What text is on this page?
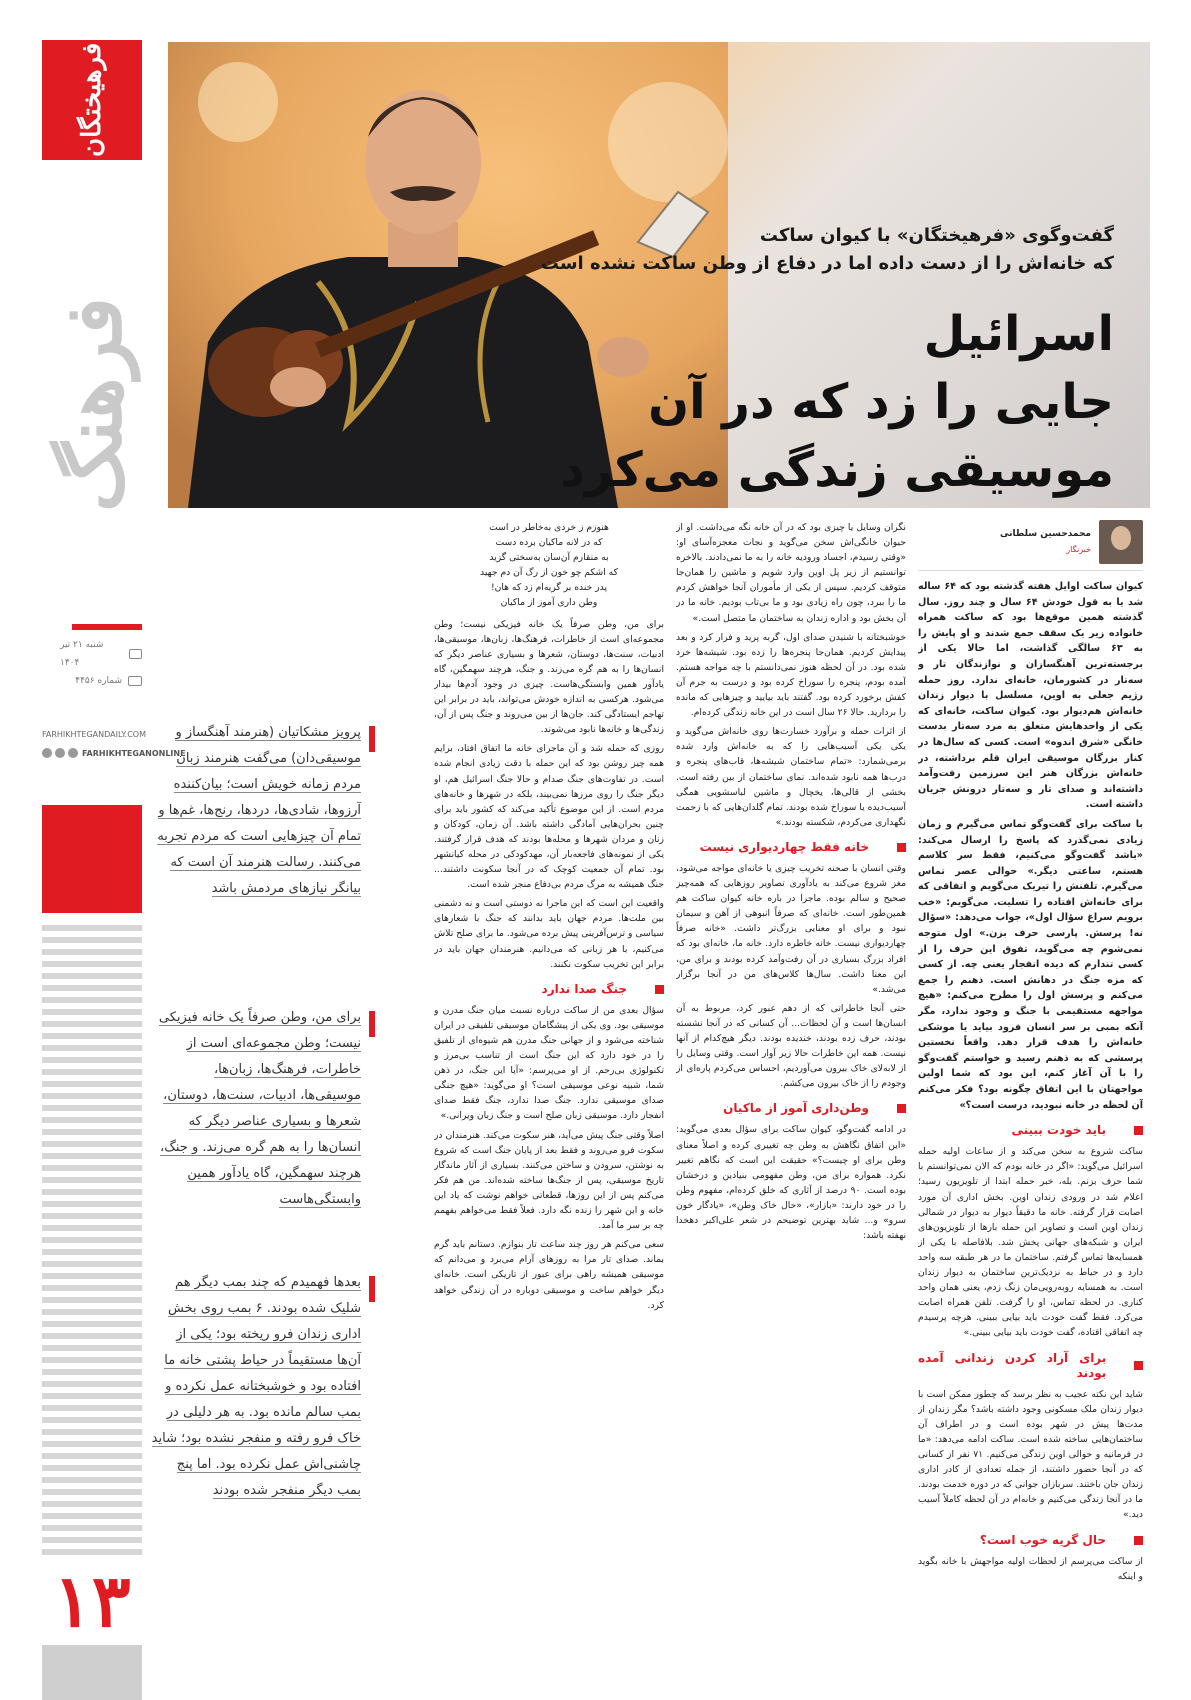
فرهیختگان
فرهنگ
شنبه ۲۱ تیر ۱۴۰۴
شماره ۴۴۵۶
FARHIKHTEGANDAILY.COM
FARHIKHTEGANONLINE
۱۳
گفت‌وگوی «فرهیختگان» با کیوان ساکت
که خانه‌اش را از دست داده اما در دفاع از وطن ساکت نشده است
اسرائیل
جایی را زد که در آن
موسیقی زندگی می‌کرد
محمدحسین سلطانی
خبرنگار

کیوان ساکت اوایل هفته گذشته بود که ۶۴ ساله شد یا به قول خودش ۶۴ سال و چند روز. سال گذشته همین موقع‌ها بود که ساکت همراه خانواده زیر یک سقف جمع شدند و او پایش را به ۶۳ سالگی گذاشت، اما حالا یکی از برجسته‌ترین آهنگسازان و نوازندگان تار و سه‌تار در کشورمان، خانه‌ای ندارد. روز حمله رژیم جعلی به اوین، مسلسل با دیوار زندان خانه‌اش هم‌دیوار بود. کیوان ساکت، خانه‌ای که یکی از واحدهایش متعلق به مرد سه‌تار بدست خانگی «شرق اندوه» است. کسی که سال‌ها در کنار بزرگان موسیقی ایران قلم برداشته، در خانه‌اش بزرگان هنر این سرزمین رفت‌وآمد داشته‌اند و صدای تار و سه‌تار درونش جریان داشته است.

با ساکت برای گفت‌وگو تماس می‌گیرم و زمان زیادی نمی‌گذرد که پاسخ را ارسال می‌کند: «باشد گفت‌وگو می‌کنیم، فقط سر کلاسم هستم، ساعتی دیگر.» حوالی عصر تماس می‌گیرم. تلفنش را تیریک می‌گویم و اتفاقی که برای خانه‌اش افتاده را تسلیت. می‌گویم: «خب برویم سراغ سؤال اول»، جواب می‌دهد: «سؤال نه! پرسش. پارسی حرف بزن.» اول متوجه نمی‌شوم چه می‌گوید، تفوق این حرف را از کسی تندارم که دیده انفجار یعنی چه. از کسی که مزه جنگ در دهانش است. ذهنم را جمع می‌کنم و پرسش اول را مطرح می‌کنم: «هیچ مواجهه مستقیمی با جنگ و وجود ندارد، مگر آنکه بمبی بر سر انسان فرود بیاید یا موشکی خانه‌اش را هدف قرار دهد. واقعاً نخستین پرسشی که به ذهنم رسید و خواستم گفت‌وگو را با آن آغاز کنم، این بود که شما اولین مواجهتان با این اتفاق چگونه بود؟ فکر می‌کنم آن لحظه در خانه نبودید، درست است؟»

باید خودت ببینی

ساکت شروع به سخن می‌کند و از ساعات اولیه حمله اسرائیل می‌گوید: «اگر در خانه بودم که الان نمی‌توانستم با شما حرف بزنم. بله، خبر حمله ابتدا از تلویزیون رسید؛ اعلام شد در ورودی زندان اوین. بخش اداری آن مورد اصابت قرار گرفته. خانه ما دقیقاً دیوار به دیوار در شمالی زندان اوین است و تصاویر این حمله بارها از تلویزیون‌های ایران و شبکه‌های جهانی پخش شد. بلافاصله با یکی از همسایه‌ها تماس گرفتم. ساختمان ما در هر طبقه سه واحد دارد و در حیاط به نزدیک‌ترین ساختمان به دیوار زندان است. به همسایه روبه‌رویی‌مان زنگ زدم، یعنی همان واحد کناری. در لحظه تماس، او را گرفت. تلفن همراه اصابت می‌کرد. فقط گفت خودت باید بیایی ببینی. هرچه پرسیدم چه اتفاقی افتاده، گفت خودت باید بیایی ببینی.»

برای آزاد کردن زندانی آمده بودند

شاید این نکته عجیب به نظر برسد که چطور ممکن است با دیوار زندان ملک مسکونی وجود داشته باشد؟ مگر زندان از مدت‌ها پیش در شهر بوده است و در اطراف آن ساختمان‌هایی ساخته شده است. ساکت ادامه می‌دهد: «ما در فرمانیه و حوالی اوین زندگی می‌کنیم. ۷۱ نفر از کسانی که در آنجا حضور داشتند، از جمله تعدادی از کادر اداری زندان جان باختند. سربازان جوانی که در دوره خدمت بودند. ما در آنجا زندگی می‌کنیم و خانه‌ام در آن لحظه کاملاً آسیب دید.»

حال گریه خوب است؟

از ساکت می‌پرسم از لحظات اولیه مواجهش با خانه بگوید و اینکه

نگران وسایل یا چیزی بود که در آن خانه نگه می‌داشت. او از حیوان خانگی‌اش سخن می‌گوید و نجات معجزه‌آسای او: «وقتی رسیدم، اجساد ورودیه خانه را به ما نمی‌دادند. بالاخره توانستیم از زیر پل اوین وارد شویم و ماشین را همان‌جا متوقف کردیم. سپس از یکی از مأموران آنجا خواهش کردم ما را ببرد، چون راه زیادی بود و ما بی‌تاب بودیم. خانه ما در آن بخش بود و اداره زندان به ساختمان ما متصل است.»

خوشبختانه با شنیدن صدای اول، گربه پرید و فرار کرد و بعد پیدایش کردیم. همان‌جا پنجره‌ها را زده بود. شیشه‌ها خرد شده بود. در آن لحظه هنوز نمی‌دانستم با چه مواجه هستم. آمده بودم، پنجره را سوراخ کرده بود و درست به جرم آن کفش برخورد کرده بود. گفتند باید بیایید و چیزهایی که مانده را بردارید. حالا ۲۶ سال است در این خانه زندگی کرده‌ام.

از اثرات حمله و برآورد خسارت‌ها روی خانه‌اش می‌گوید و یکی یکی آسیب‌هایی را که به خانه‌اش وارد شده برمی‌شمارد: «تمام ساختمان شیشه‌ها، قاب‌های پنجره و درب‌ها همه نابود شده‌اند. نمای ساختمان از بین رفته است. بخشی از قالی‌ها، یخچال و ماشین لباسشویی همگی آسیب‌دیده یا سوراخ شده بودند. تمام گلدان‌هایی که با زحمت نگهداری می‌کردم، شکسته بودند.»

خانه فقط چهاردیواری نیست

وقتی انسان با صحنه تخریب چیزی یا خانه‌ای مواجه می‌شود، مغز شروع می‌کند به یادآوری تصاویر روزهایی که همه‌چیز صحیح و سالم بوده. ماجرا در باره خانه کیوان ساکت هم همین‌طور است. خانه‌ای که صرفاً انبوهی از آهن و سیمان نبود و برای او معنایی بزرگ‌تر داشت. «خانه صرفاً چهاردیواری نیست. خانه خاطره دارد. خانه ما، خانه‌ای بود که افراد بزرگ بسیاری در آن رفت‌وآمد کرده بودند و برای من، این معنا داشت. سال‌ها کلاس‌های من در آنجا برگزار می‌شد.»

حتی آنجا خاطراتی که از دهم عبور کرد، مربوط به آن انسان‌ها است و آن لحظات... آن کسانی که در آنجا نشسته بودند، حرف زده بودند، خندیده بودند. دیگر هیچ‌کدام از آنها نیست. همه این خاطرات حالا زیر آوار است. وقتی وسایل را از لابه‌لای خاک بیرون می‌آوردیم، احساس می‌کردم پاره‌ای از وجودم را از خاک بیرون می‌کشم.

وطن‌داری آموز از ماکیان

در ادامه گفت‌وگو، کیوان ساکت برای سؤال بعدی می‌گوید: «این اتفاق نگاهش به وطن چه تغییری کرده و اصلاً معنای وطن برای او چیست؟» حقیقت این است که نگاهم تغییر نکرد. همواره برای من، وطن مفهومی بنیادین و درخشان بوده است. ۹۰ درصد از آثاری که خلق کرده‌ام، مفهوم وطن را در خود دارند: «بازار»، «حال خاک وطن»، «یادگار خون سرو» و... شاید بهترین توضیحم در شعر علی‌اکبر دهخدا نهفته باشد:

هنوزم ز خردی به‌خاطر در است
که در لانه ماکیان برده دست
به منقارم آن‌سان به‌سختی گزید
که اشکم چو خون از رگ آن دم جهید
پدر خنده بر گریه‌ام زد که هان!
وطن داری آموز از ماکیان

برای من، وطن صرفاً یک خانه فیزیکی نیست؛ وطن مجموعه‌ای است از خاطرات، فرهنگ‌ها، زبان‌ها، موسیقی‌ها، ادبیات، سنت‌ها، دوستان، شعرها و بسیاری عناصر دیگر که انسان‌ها را به هم گره می‌زند. و جنگ، هرچند سهمگین، گاه یادآور همین وابستگی‌هاست. چیزی در وجود آدم‌ها بیدار می‌شود. هرکسی به اندازه خودش می‌تواند، باید در برابر این تهاجم ایستادگی کند. جان‌ها از بین می‌روند و جنگ پس از آن، زندگی‌ها و خانه‌ها نابود می‌شوند.

روزی که حمله شد و آن ماجرای خانه ما اتفاق افتاد، برایم همه چیز روشن بود که این حمله با دقت زیادی انجام شده است. در تفاوت‌های جنگ صدام و حالا جنگ اسرائیل هم، او دیگر جنگ را روی مرزها نمی‌بیند، بلکه در شهرها و خانه‌های مردم است. از این موضوع تأکید می‌کند که کشور باید برای چنین بحران‌هایی آمادگی داشته باشد. آن زمان، کودکان و زنان و مردان شهرها و محله‌ها بودند که هدف قرار گرفتند. یکی از نمونه‌های فاجعه‌بار آن، مهدکودکی در محله کیانشهر بود. تمام آن جمعیت کوچک که در آنجا سکونت داشتند... جنگ همیشه به مرگ مردم بی‌دفاع منجر شده است.

واقعیت این است که این ماجرا نه دوستی است و نه دشمنی بین ملت‌ها. مردم جهان باید بدانند که جنگ با شعارهای سیاسی و ترس‌آفرینی پیش برده می‌شود. ما برای صلح تلاش می‌کنیم، با هر زبانی که می‌دانیم. هنرمندان جهان باید در برابر این تخریب سکوت نکنند.

جنگ صدا ندارد

سؤال بعدی من از ساکت درباره نسبت میان جنگ مدرن و موسیقی بود. وی یکی از پیشگامان موسیقی تلفیقی در ایران شناخته می‌شود و از جهانی جنگ مدرن هم شیوه‌ای از تلفیق را در خود دارد که این جنگ است از تناسب بی‌مرز و تکنولوژی بی‌رحم. از او می‌پرسم: «آیا این جنگ، در ذهن شما، شبیه نوعی موسیقی است؟ او می‌گوید: «هیچ جنگی صدای موسیقی ندارد. جنگ صدا ندارد، جنگ فقط صدای انفجار دارد. موسیقی زبان صلح است و جنگ زبان ویرانی.»

اصلاً وقتی جنگ پیش می‌آید، هنر سکوت می‌کند. هنرمندان در سکوت فرو می‌روند و فقط بعد از پایان جنگ است که شروع به نوشتن، سرودن و ساختن می‌کنند. بسیاری از آثار ماندگار تاریخ موسیقی، پس از جنگ‌ها ساخته شده‌اند. من هم فکر می‌کنم پس از این روزها، قطعاتی خواهم نوشت که یاد این خانه و این شهر را زنده نگه دارد. فعلاً فقط می‌خواهم بفهمم چه بر سر ما آمد.

سعی می‌کنم هر روز چند ساعت تار بنوازم. دستانم باید گرم بماند. صدای تار مرا به روزهای آرام می‌برد و می‌دانم که موسیقی همیشه راهی برای عبور از تاریکی است. خانه‌ای دیگر خواهم ساخت و موسیقی دوباره در آن زندگی خواهد کرد.

پرویز مشکاتیان (هنرمند آهنگساز و موسیقی‌دان) می‌گفت هنرمند زبان مردم زمانه خویش است؛ بیان‌کننده آرزوها، شادی‌ها، دردها، رنج‌ها، غم‌ها و تمام آن چیزهایی است که مردم تجربه می‌کنند. رسالت هنرمند آن است که بیانگر نیازهای مردمش باشد
برای من، وطن صرفاً یک خانه فیزیکی نیست؛ وطن مجموعه‌ای است از خاطرات، فرهنگ‌ها، زبان‌ها، موسیقی‌ها، ادبیات، سنت‌ها، دوستان، شعرها و بسیاری عناصر دیگر که انسان‌ها را به هم گره می‌زند. و جنگ، هرچند سهمگین، گاه یادآور همین وابستگی‌هاست
بعدها فهمیدم که چند بمب دیگر هم شلیک شده بودند. ۶ بمب روی بخش اداری زندان فرو ریخته بود؛ یکی از آن‌ها مستقیماً در حیاط پشتی خانه ما افتاده بود و خوشبختانه عمل نکرده و بمب سالم مانده بود. به هر دلیلی در خاک فرو رفته و منفجر نشده بود؛ شاید چاشنی‌اش عمل نکرده بود. اما پنج بمب دیگر منفجر شده بودند
